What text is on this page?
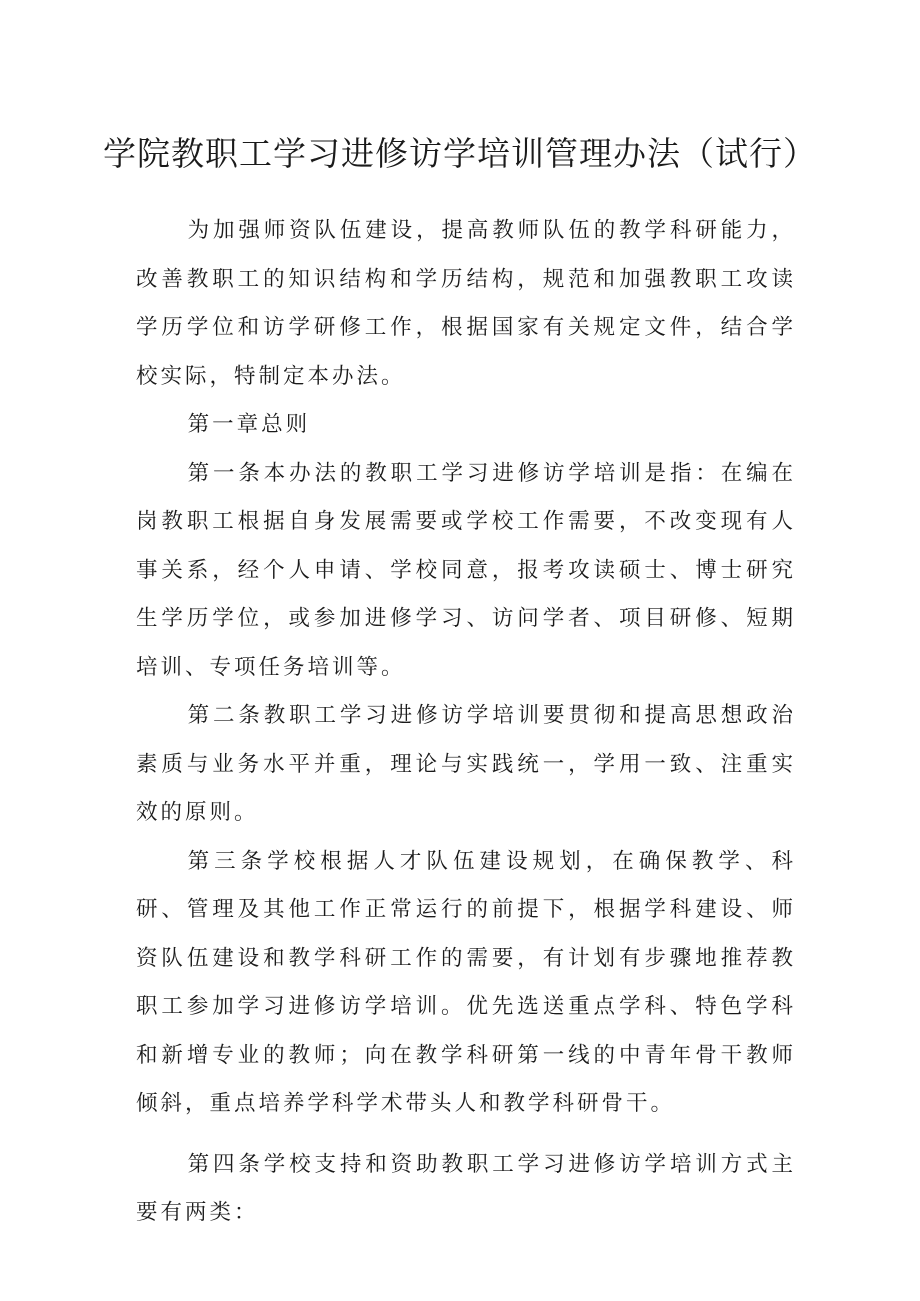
学院教职工学习进修访学培训管理办法（试行）

为加强师资队伍建设，提高教师队伍的教学科研能力，改善教职工的知识结构和学历结构，规范和加强教职工攻读学历学位和访学研修工作，根据国家有关规定文件，结合学校实际，特制定本办法。

第一章总则

第一条本办法的教职工学习进修访学培训是指：在编在岗教职工根据自身发展需要或学校工作需要，不改变现有人事关系，经个人申请、学校同意，报考攻读硕士、博士研究生学历学位，或参加进修学习、访问学者、项目研修、短期培训、专项任务培训等。

第二条教职工学习进修访学培训要贯彻和提高思想政治素质与业务水平并重，理论与实践统一，学用一致、注重实效的原则。

第三条学校根据人才队伍建设规划，在确保教学、科研、管理及其他工作正常运行的前提下，根据学科建设、师资队伍建设和教学科研工作的需要，有计划有步骤地推荐教职工参加学习进修访学培训。优先选送重点学科、特色学科和新增专业的教师；向在教学科研第一线的中青年骨干教师倾斜，重点培养学科学术带头人和教学科研骨干。

第四条学校支持和资助教职工学习进修访学培训方式主要有两类：
